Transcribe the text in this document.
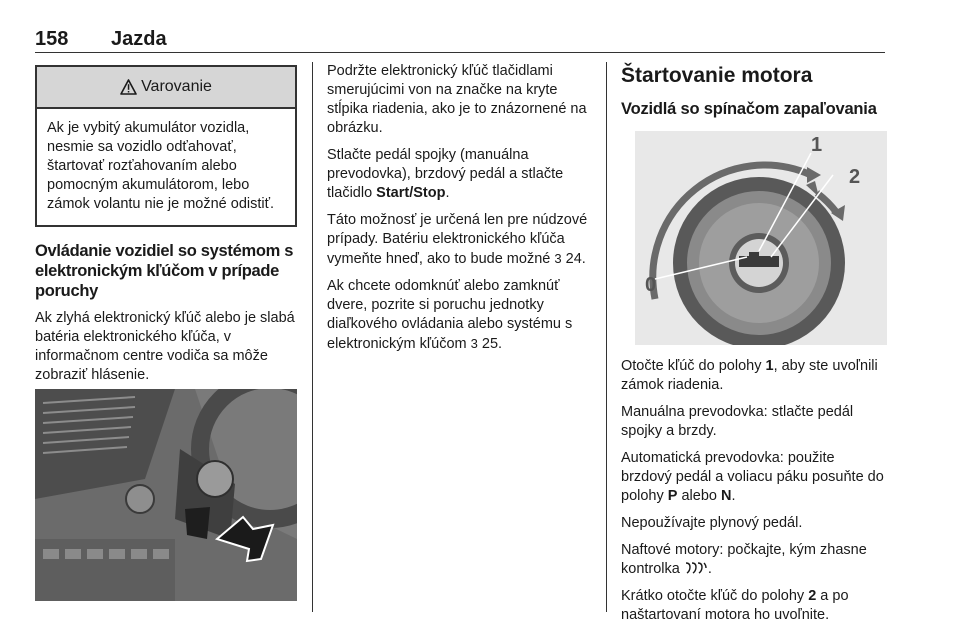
158 Jazda
Varovanie
Ak je vybitý akumulátor vozidla, nesmie sa vozidlo odťahovať, štartovať rozťahovaním alebo pomocným akumulátorom, lebo zámok volantu nie je možné odistiť.
Ovládanie vozidiel so systémom s elektronickým kľúčom v prípade poruchy

Ak zlyhá elektronický kľúč alebo je slabá batéria elektronického kľúča, v informačnom centre vodiča sa môže zobraziť hlásenie.

Podržte elektronický kľúč tlačidlami smerujúcimi von na značke na kryte stĺpika riadenia, ako je to znázornené na obrázku.

Stlačte pedál spojky (manuálna prevodovka), brzdový pedál a stlačte tlačidlo Start/Stop.

Táto možnosť je určená len pre núdzové prípady. Batériu elektronického kľúča vymeňte hneď, ako to bude možné 3 24.

Ak chcete odomknúť alebo zamknúť dvere, pozrite si poruchu jednotky diaľkového ovládania alebo systému s elektronickým kľúčom 3 25.

Štartovanie motora
Vozidlá so spínačom zapaľovania
0
1
2

Otočte kľúč do polohy 1, aby ste uvoľnili zámok riadenia.

Manuálna prevodovka: stlačte pedál spojky a brzdy.

Automatická prevodovka: použite brzdový pedál a voliacu páku posuňte do polohy P alebo N.

Nepoužívajte plynový pedál.

Naftové motory: počkajte, kým zhasne kontrolka .

Krátko otočte kľúč do polohy 2 a po naštartovaní motora ho uvoľnite.
